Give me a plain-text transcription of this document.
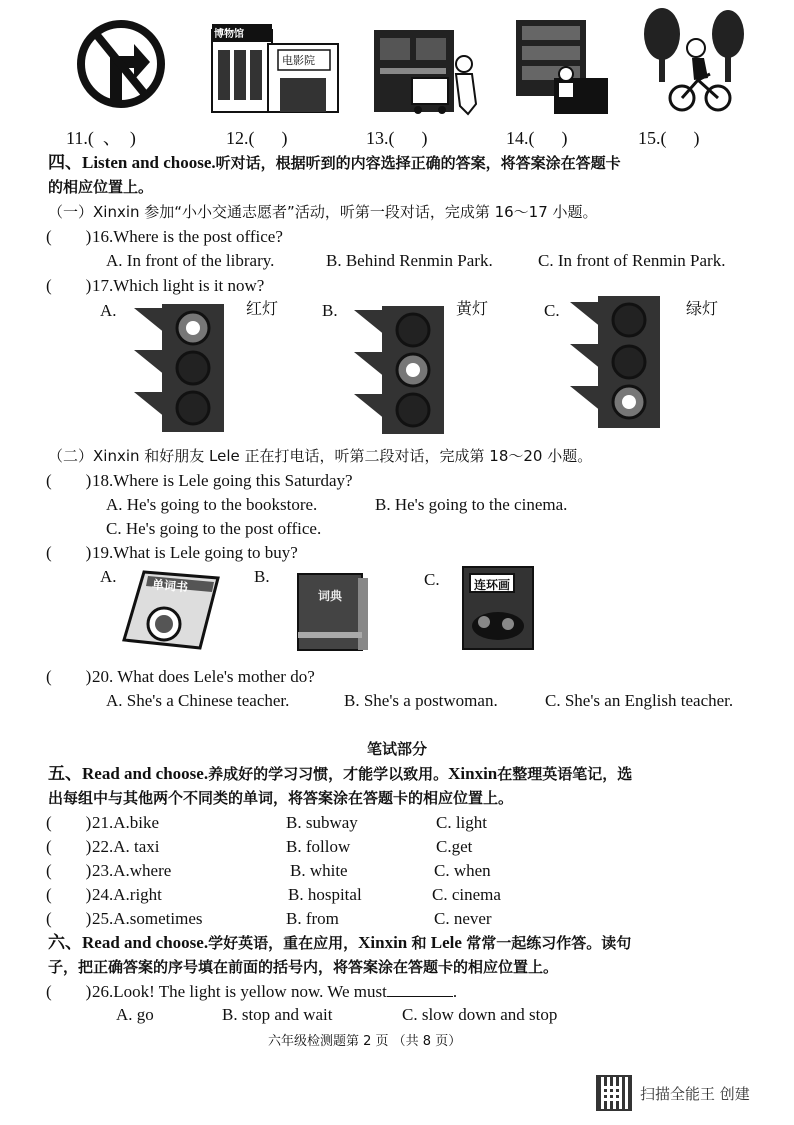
博物馆
电影院
11.( 、 )	12.( )	13.( )	14.( )	15.( )
四、Listen and choose.听对话，根据听到的内容选择正确的答案，将答案涂在答题卡
的相应位置上。
（一）Xinxin 参加“小小交通志愿者”活动，听第一段对话，完成第 16～17 小题。
(　　) 16.Where is the post office?
A. In front of the library.	B. Behind Renmin Park.	C. In front of Renmin Park.
(　　) 17.Which light is it now?
A.	红灯	B.	黄灯	C.	绿灯
（二）Xinxin 和好朋友 Lele 正在打电话，听第二段对话，完成第 18～20 小题。
(　　) 18.Where is Lele going this Saturday?
A. He's going to the bookstore.	B. He's going to the cinema.
C. He's going to the post office.
(　　) 19.What is Lele going to buy?
A.	B.	C.
单词书
词典
连环画
(　　) 20. What does Lele's mother do?
A. She's a Chinese teacher.	B. She's a postwoman.	C. She's an English teacher.
笔试部分
五、Read and choose.养成好的学习习惯，才能学以致用。Xinxin在整理英语笔记，选
出每组中与其他两个不同类的单词，将答案涂在答题卡的相应位置上。
(　　) 21.A.bike	B. subway	C. light
(　　) 22.A. taxi	B. follow	C.get
(　　) 23.A.where	B. white	C. when
(　　) 24.A.right	B. hospital	C. cinema
(　　) 25.A.sometimes	B. from	C. never
六、Read and choose.学好英语，重在应用，Xinxin 和 Lele 常常一起练习作答。读句
子，把正确答案的序号填在前面的括号内，将答案涂在答题卡的相应位置上。
(　　) 26.Look! The light is yellow now. We must	.
A. go	B. stop and wait	C. slow down and stop
六年级检测题第 2 页 （共 8 页）
扫描全能王 创建
